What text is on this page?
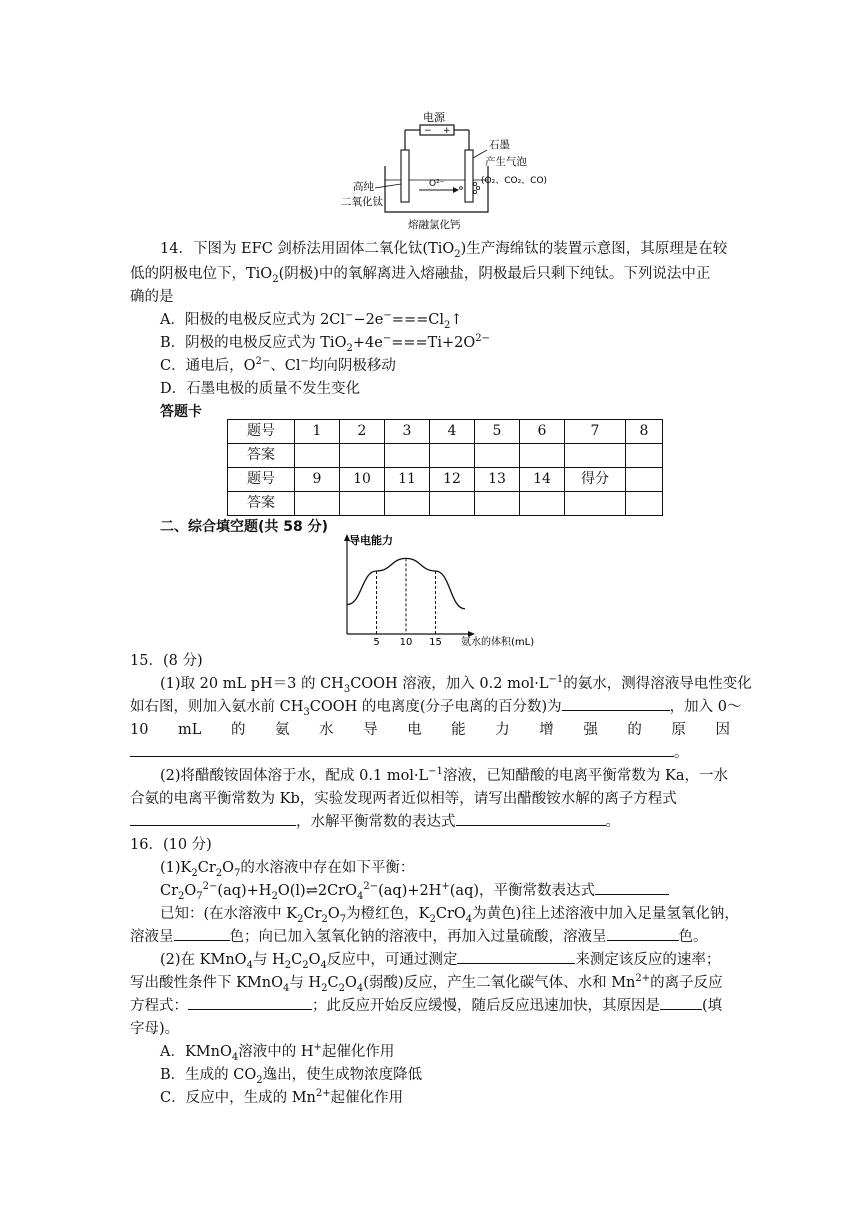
− +
电源
O²⁻
石墨
产生气泡
(O₂、CO₂、CO)
高纯
二氧化钛
熔融氯化钙
14．下图为 EFC 剑桥法用固体二氧化钛(TiO$_2$)生产海绵钛的装置示意图，其原理是在较
低的阴极电位下，TiO$_2$(阴极)中的氧解离进入熔融盐，阴极最后只剩下纯钛。下列说法中正
确的是
A．阳极的电极反应式为 $2Cl^--2e^-===Cl_2↑$
B．阴极的电极反应式为 $TiO_2+4e^-===Ti+2O^{2-}$
C．通电后，$O^{2-}$、Cl−均向阴极移动
D．石墨电极的质量不发生变化
答题卡
题号	1	2	3	4	5	6	7	8
答案								
题号	9	10	11	12	13	14	得分	
答案								
二、综合填空题(共 58 分)
导电能力
氨水的体积(mL)
5 10 15
15．(8 分)
(1)取 20 mL pH＝3 的 $CH_3COOH$ 溶液，加入 0.2 $mol\cdot L^{-1}$的氨水，测得溶液导电性变化
如右图，则加入氨水前 $CH_3COOH$ 的电离度(分子电离的百分数)为	，加入 0～
10 mL 的 氨 水 导 电 能 力 增 强 的 原 因
。
(2)将醋酸铵固体溶于水，配成 0.1 $mol\cdot L^{-1}$溶液，已知醋酸的电离平衡常数为 Ka，一水
合氨的电离平衡常数为 Kb，实验发现两者近似相等，请写出醋酸铵水解的离子方程式
，水解平衡常数的表达式	。
16．(10 分)
$(1)K_2Cr_2O_7$的水溶液中存在如下平衡：
$Cr_2O_7^{2-}(aq)+H_2O(l)\rightleftharpoons 2CrO_4^{2-}(aq)+2H^+(aq)$，平衡常数表达式
已知：(在水溶液中 $K_2Cr_2O_7$为橙红色，$K_2CrO_4$为黄色)往上述溶液中加入足量氢氧化钠，
溶液呈	色；向已加入氢氧化钠的溶液中，再加入过量硫酸，溶液呈	色。
(2)在 KMnO$_4$与 $H_2C_2O_4$反应中，可通过测定	来测定该反应的速率；
写出酸性条件下 KMnO$_4$与 $H_2C_2O_4$(弱酸)反应，产生二氧化碳气体、水和 $Mn^{2+}$的离子反应
方程式：	；此反应开始反应缓慢，随后反应迅速加快，其原因是	(填
字母)。
A．KMnO$_4$溶液中的 H+起催化作用
B．生成的 $CO_2$逸出，使生成物浓度降低
C．反应中，生成的 $Mn^{2+}$起催化作用
